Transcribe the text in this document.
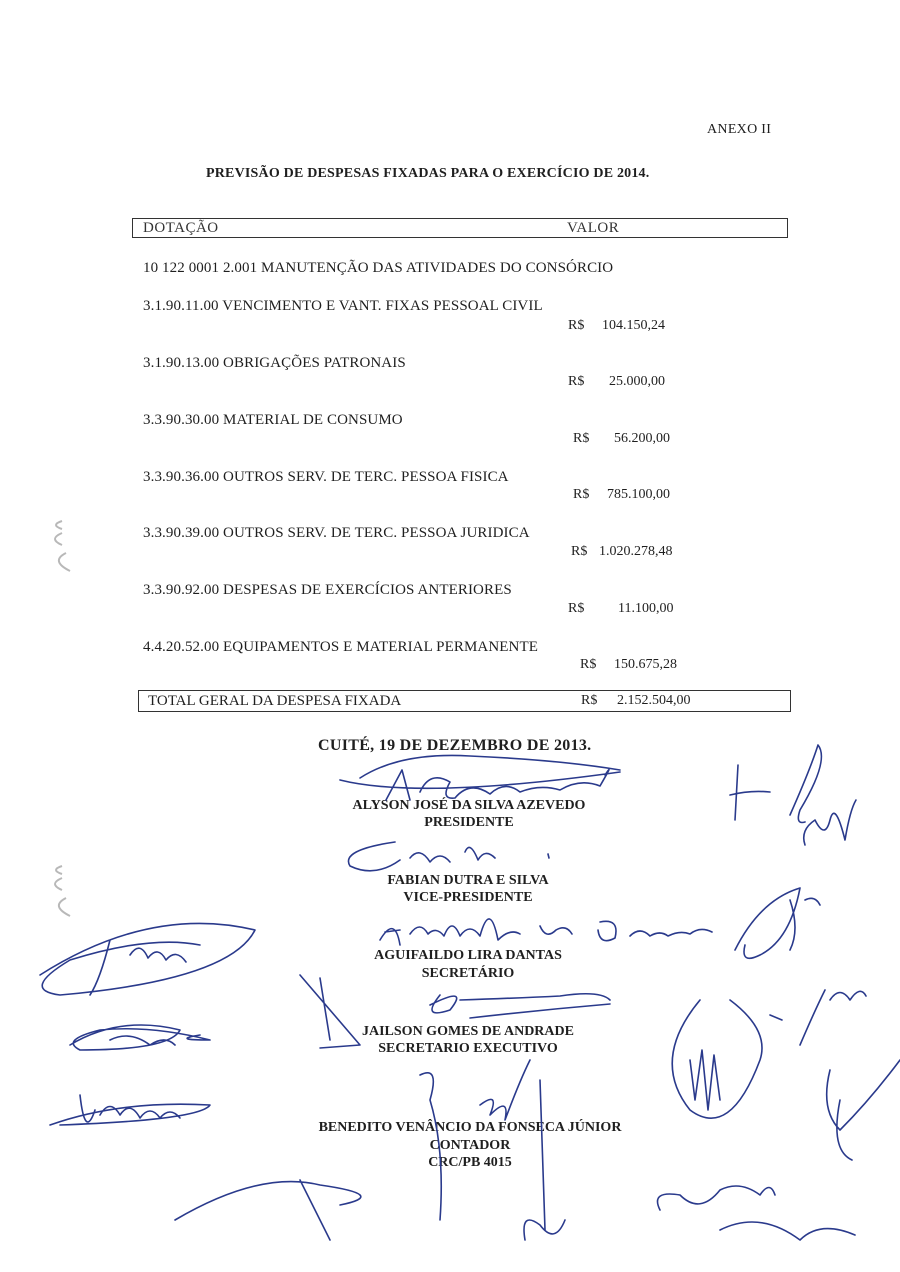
ANEXO II
PREVISÃO DE DESPESAS FIXADAS PARA O EXERCÍCIO DE 2014.
DOTAÇÃO	VALOR
10 122 0001 2.001 MANUTENÇÃO DAS ATIVIDADES DO CONSÓRCIO
3.1.90.11.00 VENCIMENTO E VANT. FIXAS PESSOAL CIVIL
R$ 104.150,24
3.1.90.13.00 OBRIGAÇÕES PATRONAIS
R$ 25.000,00
3.3.90.30.00 MATERIAL DE CONSUMO
R$ 56.200,00
3.3.90.36.00 OUTROS SERV. DE TERC. PESSOA FISICA
R$ 785.100,00
3.3.90.39.00 OUTROS SERV. DE TERC. PESSOA JURIDICA
R$ 1.020.278,48
3.3.90.92.00 DESPESAS DE EXERCÍCIOS ANTERIORES
R$ 11.100,00
4.4.20.52.00 EQUIPAMENTOS E MATERIAL PERMANENTE
R$ 150.675,28
TOTAL GERAL DA DESPESA FIXADA	R$ 2.152.504,00
CUITÉ, 19 DE DEZEMBRO DE 2013.
ALYSON JOSÉ DA SILVA AZEVEDO
PRESIDENTE
FABIAN DUTRA E SILVA
VICE-PRESIDENTE
AGUIFAILDO LIRA DANTAS
SECRETÁRIO
JAILSON GOMES DE ANDRADE
SECRETARIO EXECUTIVO
BENEDITO VENÂNCIO DA FONSECA JÚNIOR
CONTADOR
CRC/PB 4015
